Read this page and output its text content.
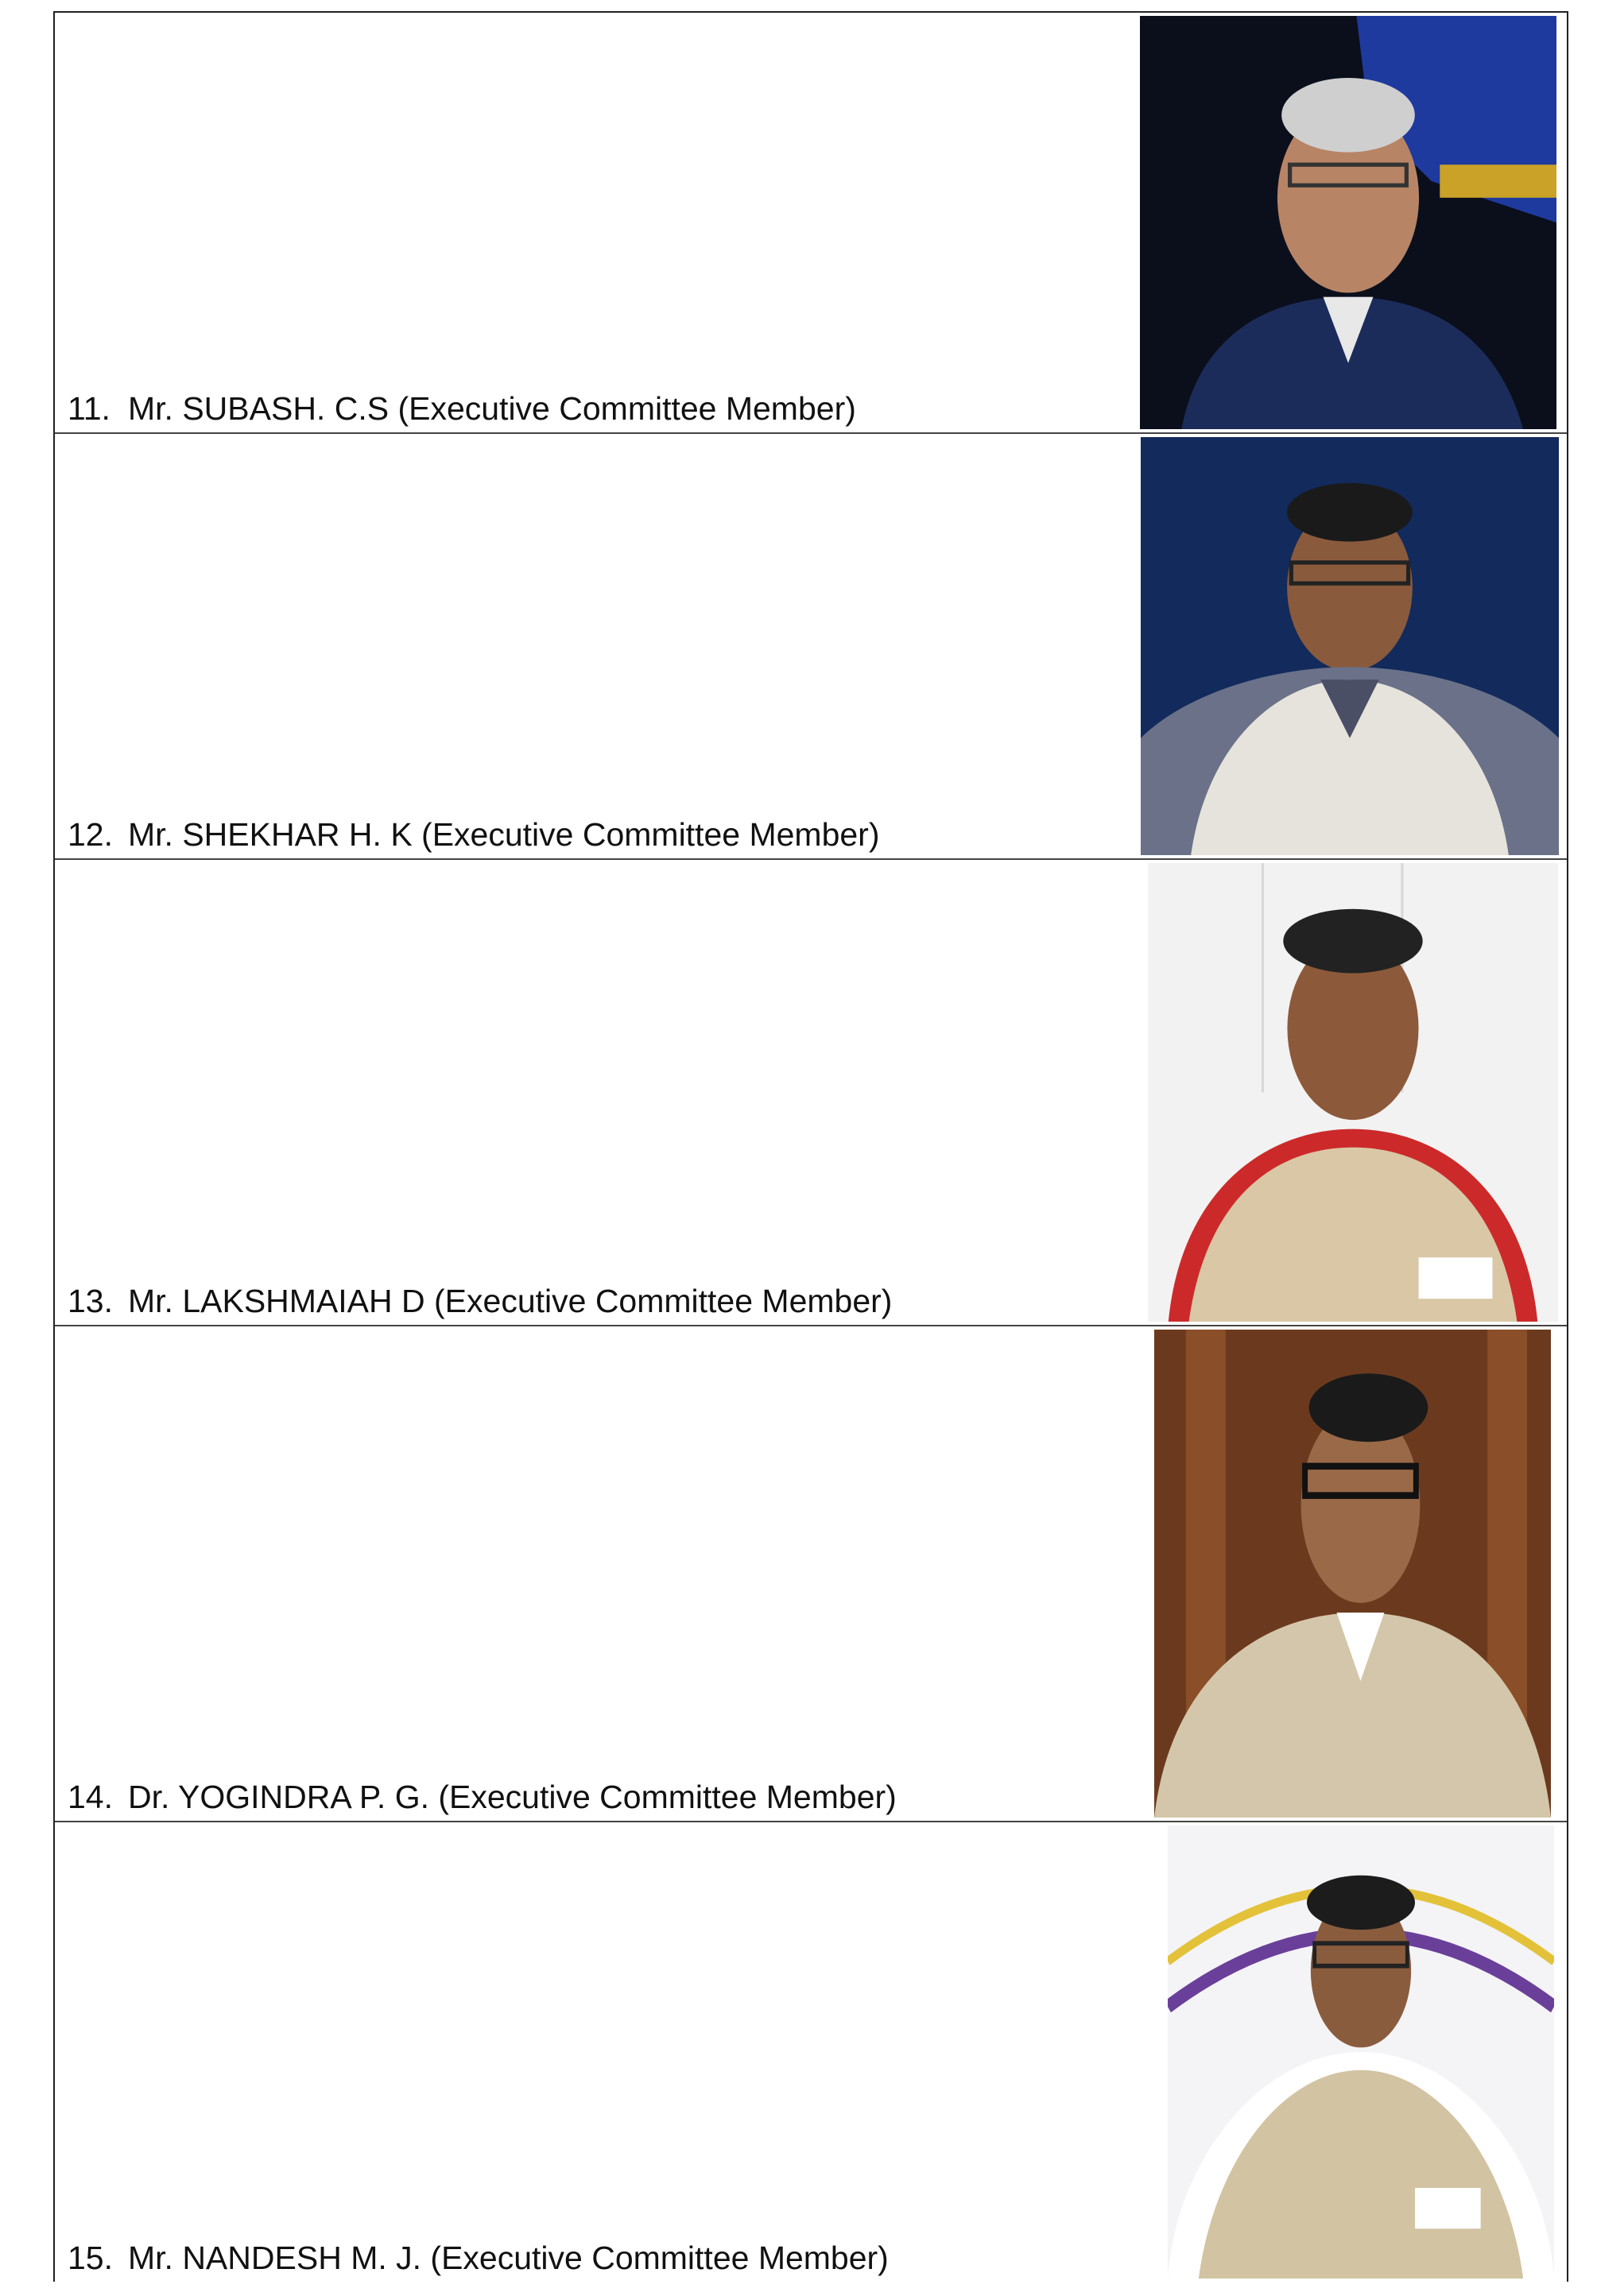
11. Mr. SUBASH. C.S (Executive Committee Member)
12. Mr. SHEKHAR H. K (Executive Committee Member)
13. Mr. LAKSHMAIAH D (Executive Committee Member)
14. Dr. YOGINDRA P. G. (Executive Committee Member)
15. Mr. NANDESH M. J. (Executive Committee Member)
